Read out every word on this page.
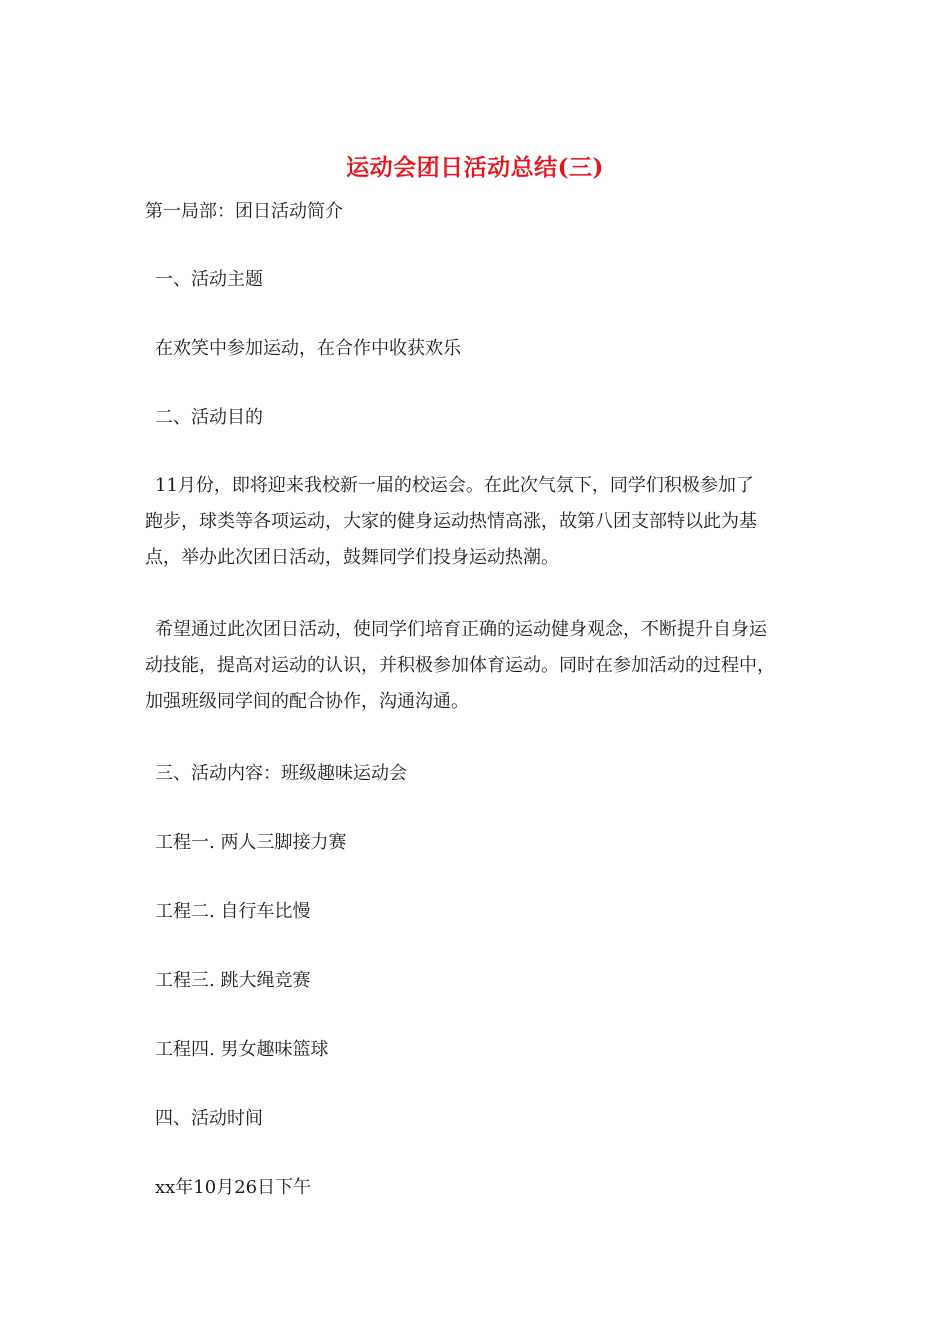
运动会团日活动总结(三)
第一局部：团日活动简介
一、活动主题
在欢笑中参加运动，在合作中收获欢乐
二、活动目的
11月份，即将迎来我校新一届的校运会。在此次气氛下，同学们积极参加了
跑步，球类等各项运动，大家的健身运动热情高涨，故第八团支部特以此为基
点，举办此次团日活动，鼓舞同学们投身运动热潮。
希望通过此次团日活动，使同学们培育正确的运动健身观念，不断提升自身运
动技能，提高对运动的认识，并积极参加体育运动。同时在参加活动的过程中，
加强班级同学间的配合协作，沟通沟通。
三、活动内容：班级趣味运动会
工程一. 两人三脚接力赛
工程二. 自行车比慢
工程三. 跳大绳竞赛
工程四. 男女趣味篮球
四、活动时间
xx年10月26日下午
